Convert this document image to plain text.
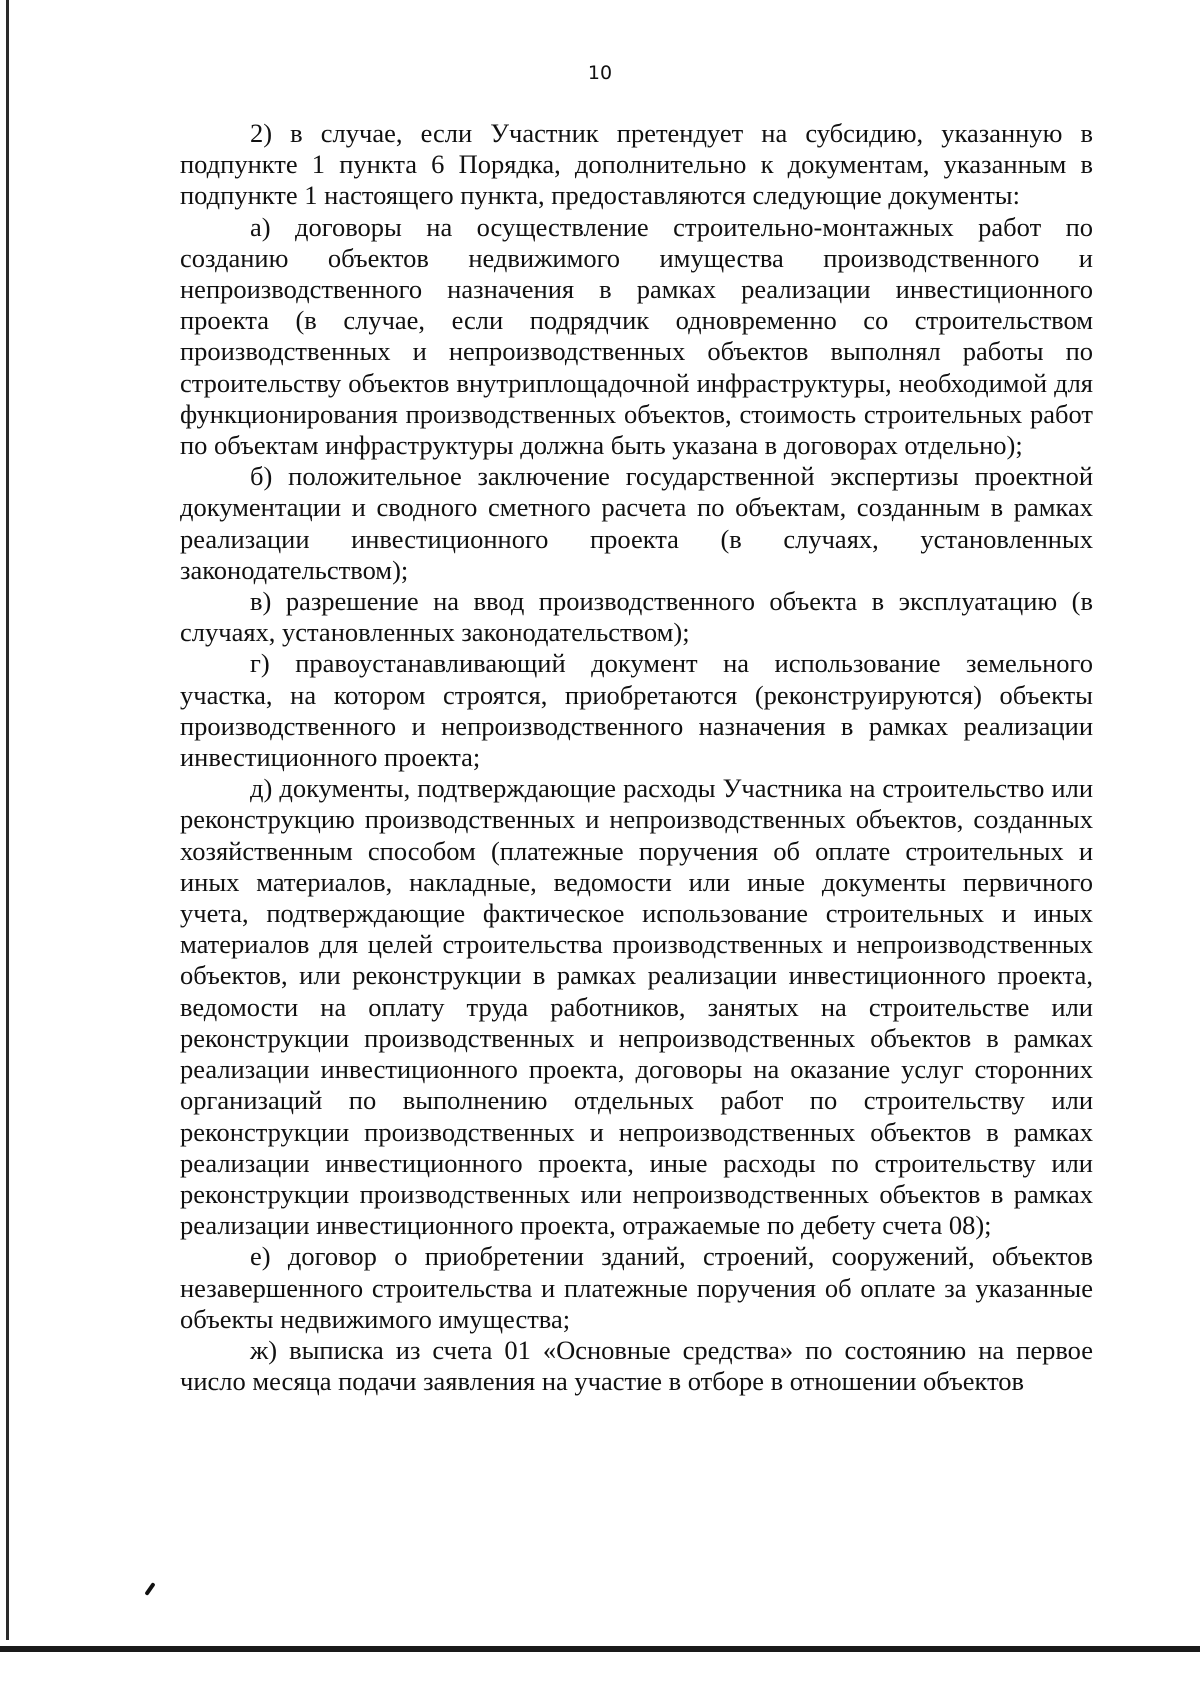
10

2) в случае, если Участник претендует на субсидию, указанную в подпункте 1 пункта 6 Порядка, дополнительно к документам, указанным в подпункте 1 настоящего пункта, предоставляются следующие документы:

а) договоры на осуществление строительно-монтажных работ по созданию объектов недвижимого имущества производственного и непроизводственного назначения в рамках реализации инвестиционного проекта (в случае, если подрядчик одновременно со строительством производственных и непроизводственных объектов выполнял работы по строительству объектов внутриплощадочной инфраструктуры, необходимой для функционирования производственных объектов, стоимость строительных работ по объектам инфраструктуры должна быть указана в договорах отдельно);

б) положительное заключение государственной экспертизы проектной документации и сводного сметного расчета по объектам, созданным в рамках реализации инвестиционного проекта (в случаях, установленных законодательством);

в) разрешение на ввод производственного объекта в эксплуатацию (в случаях, установленных законодательством);

г) правоустанавливающий документ на использование земельного участка, на котором строятся, приобретаются (реконструируются) объекты производственного и непроизводственного назначения в рамках реализации инвестиционного проекта;

д) документы, подтверждающие расходы Участника на строительство или реконструкцию производственных и непроизводственных объектов, созданных хозяйственным способом (платежные поручения об оплате строительных и иных материалов, накладные, ведомости или иные документы первичного учета, подтверждающие фактическое использование строительных и иных материалов для целей строительства производственных и непроизводственных объектов, или реконструкции в рамках реализации инвестиционного проекта, ведомости на оплату труда работников, занятых на строительстве или реконструкции производственных и непроизводственных объектов в рамках реализации инвестиционного проекта, договоры на оказание услуг сторонних организаций по выполнению отдельных работ по строительству или реконструкции производственных и непроизводственных объектов в рамках реализации инвестиционного проекта, иные расходы по строительству или реконструкции производственных или непроизводственных объектов в рамках реализации инвестиционного проекта, отражаемые по дебету счета 08);

е) договор о приобретении зданий, строений, сооружений, объектов незавершенного строительства и платежные поручения об оплате за указанные объекты недвижимого имущества;

ж) выписка из счета 01 «Основные средства» по состоянию на первое число месяца подачи заявления на участие в отборе в отношении объектов
